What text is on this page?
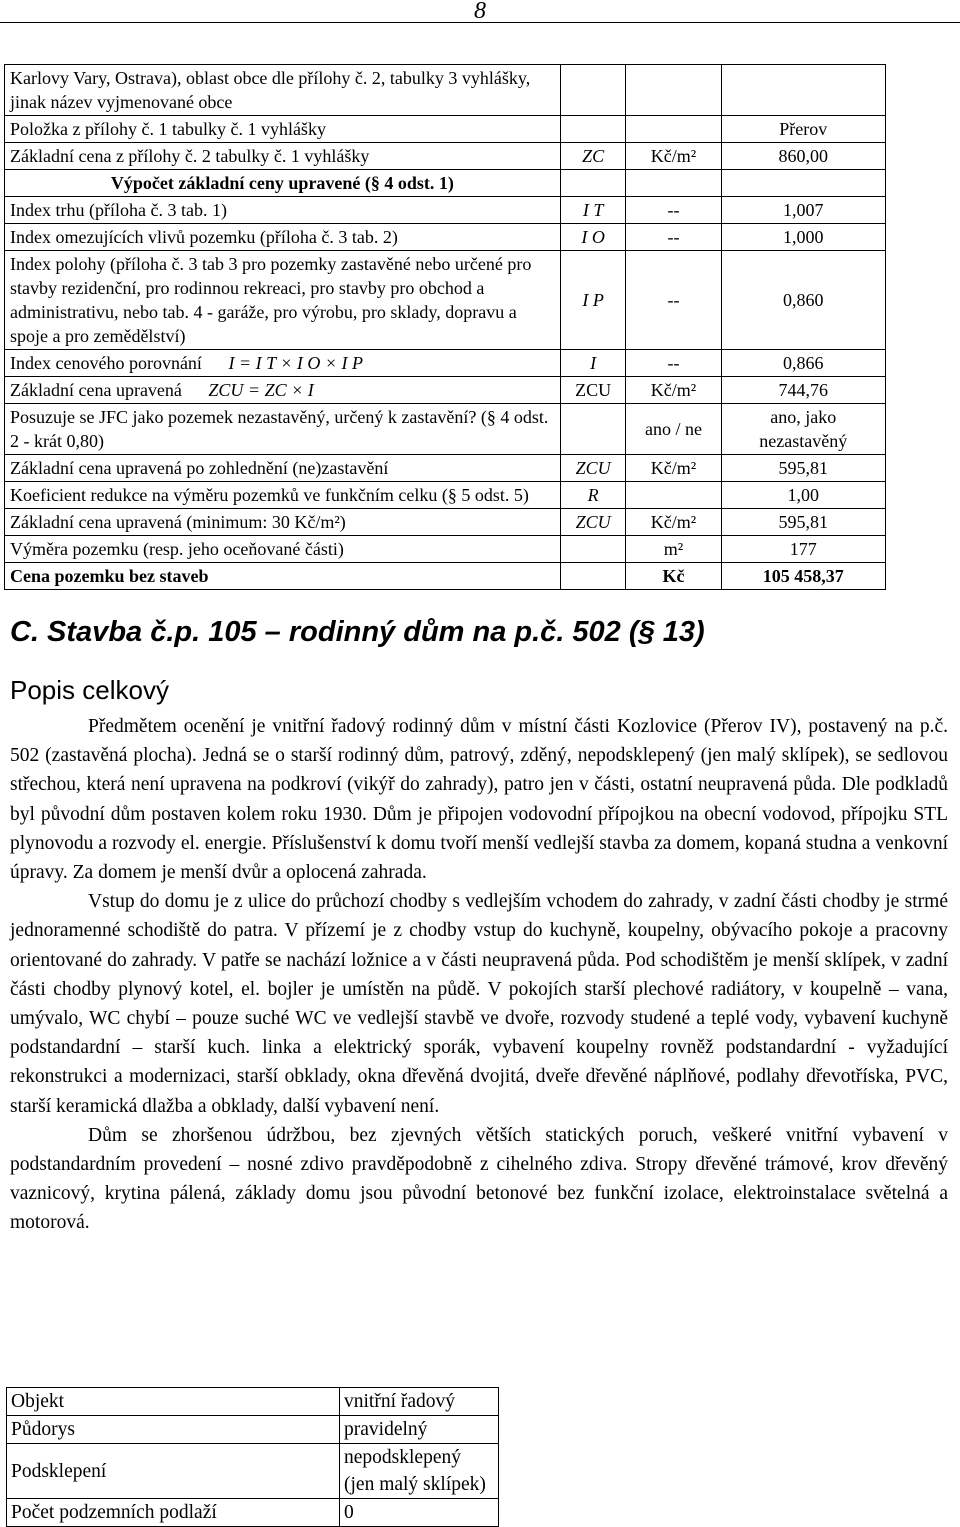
8
Karlovy Vary, Ostrava), oblast obce dle přílohy č. 2, tabulky 3 vyhlášky, jinak název vyjmenované obce			
Položka z přílohy č. 1 tabulky č. 1 vyhlášky			Přerov
Základní cena z přílohy č. 2 tabulky č. 1 vyhlášky	ZC	Kč/m²	860,00
Výpočet základní ceny upravené (§ 4 odst. 1)			
Index trhu (příloha č. 3 tab. 1)	I T	--	1,007
Index omezujících vlivů pozemku (příloha č. 3 tab. 2)	I O	--	1,000
Index polohy (příloha č. 3 tab 3 pro pozemky zastavěné nebo určené pro stavby rezidenční, pro rodinnou rekreaci, pro stavby pro obchod a administrativu, nebo tab. 4 - garáže, pro výrobu, pro sklady, dopravu a spoje a pro zemědělství)	I P	--	0,860
Index cenového porovnání I = I T × I O × I P	I	--	0,866
Základní cena upravená ZCU = ZC × I	ZCU	Kč/m²	744,76
Posuzuje se JFC jako pozemek nezastavěný, určený k zastavění? (§ 4 odst. 2 - krát 0,80)		ano / ne	ano, jako nezastavěný
Základní cena upravená po zohlednění (ne)zastavění	ZCU	Kč/m²	595,81
Koeficient redukce na výměru pozemků ve funkčním celku (§ 5 odst. 5)	R		1,00
Základní cena upravená (minimum: 30 Kč/m²)	ZCU	Kč/m²	595,81
Výměra pozemku (resp. jeho oceňované části)		m²	177
Cena pozemku bez staveb		Kč	105 458,37
C. Stavba č.p. 105 – rodinný dům na p.č. 502 (§ 13)
Popis celkový

Předmětem ocenění je vnitřní řadový rodinný dům v místní části Kozlovice (Přerov IV), postavený na p.č. 502 (zastavěná plocha). Jedná se o starší rodinný dům, patrový, zděný, nepodsklepený (jen malý sklípek), se sedlovou střechou, která není upravena na podkroví (vikýř do zahrady), patro jen v části, ostatní neupravená půda. Dle podkladů byl původní dům postaven kolem roku 1930. Dům je připojen vodovodní přípojkou na obecní vodovod, přípojku STL plynovodu a rozvody el. energie. Příslušenství k domu tvoří menší vedlejší stavba za domem, kopaná studna a venkovní úpravy. Za domem je menší dvůr a oplocená zahrada.

Vstup do domu je z ulice do průchozí chodby s vedlejším vchodem do zahrady, v zadní části chodby je strmé jednoramenné schodiště do patra. V přízemí je z chodby vstup do kuchyně, koupelny, obývacího pokoje a pracovny orientované do zahrady. V patře se nachází ložnice a v části neupravená půda. Pod schodištěm je menší sklípek, v zadní části chodby plynový kotel, el. bojler je umístěn na půdě. V pokojích starší plechové radiátory, v koupelně – vana, umývalo, WC chybí – pouze suché WC ve vedlejší stavbě ve dvoře, rozvody studené a teplé vody, vybavení kuchyně podstandardní – starší kuch. linka a elektrický sporák, vybavení koupelny rovněž podstandardní - vyžadující rekonstrukci a modernizaci, starší obklady, okna dřevěná dvojitá, dveře dřevěné náplňové, podlahy dřevotříska, PVC, starší keramická dlažba a obklady, další vybavení není.

Dům se zhoršenou údržbou, bez zjevných větších statických poruch, veškeré vnitřní vybavení v podstandardním provedení – nosné zdivo pravděpodobně z cihelného zdiva. Stropy dřevěné trámové, krov dřevěný vaznicový, krytina pálená, základy domu jsou původní betonové bez funkční izolace, elektroinstalace světelná a motorová.

Objekt	vnitřní řadový
Půdorys	pravidelný
Podsklepení	nepodsklepený (jen malý sklípek)
Počet podzemních podlaží	0
